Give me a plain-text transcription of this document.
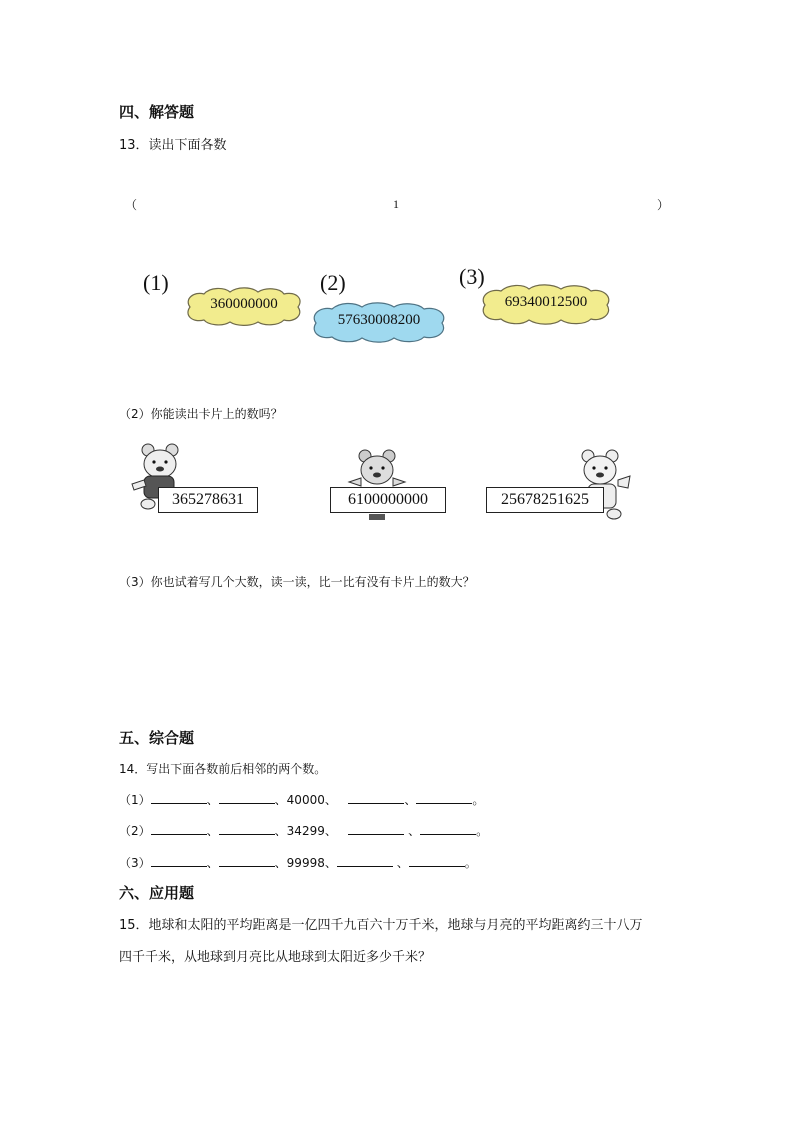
四、解答题
13．读出下面各数
（	1	）
(1)
360000000
(2)
57630008200
(3)
69340012500
（2）你能读出卡片上的数吗？
365278631	6100000000	25678251625
（3）你也试着写几个大数，读一读，比一比有没有卡片上的数大？
五、综合题
14．写出下面各数前后相邻的两个数。
（1）	、	、40000、	、	。
（2）	、	、34299、	、	。
（3）	、	、99998、	、	。
六、应用题
15．地球和太阳的平均距离是一亿四千九百六十万千米，地球与月亮的平均距离约三十八万
四千千米，从地球到月亮比从地球到太阳近多少千米？
